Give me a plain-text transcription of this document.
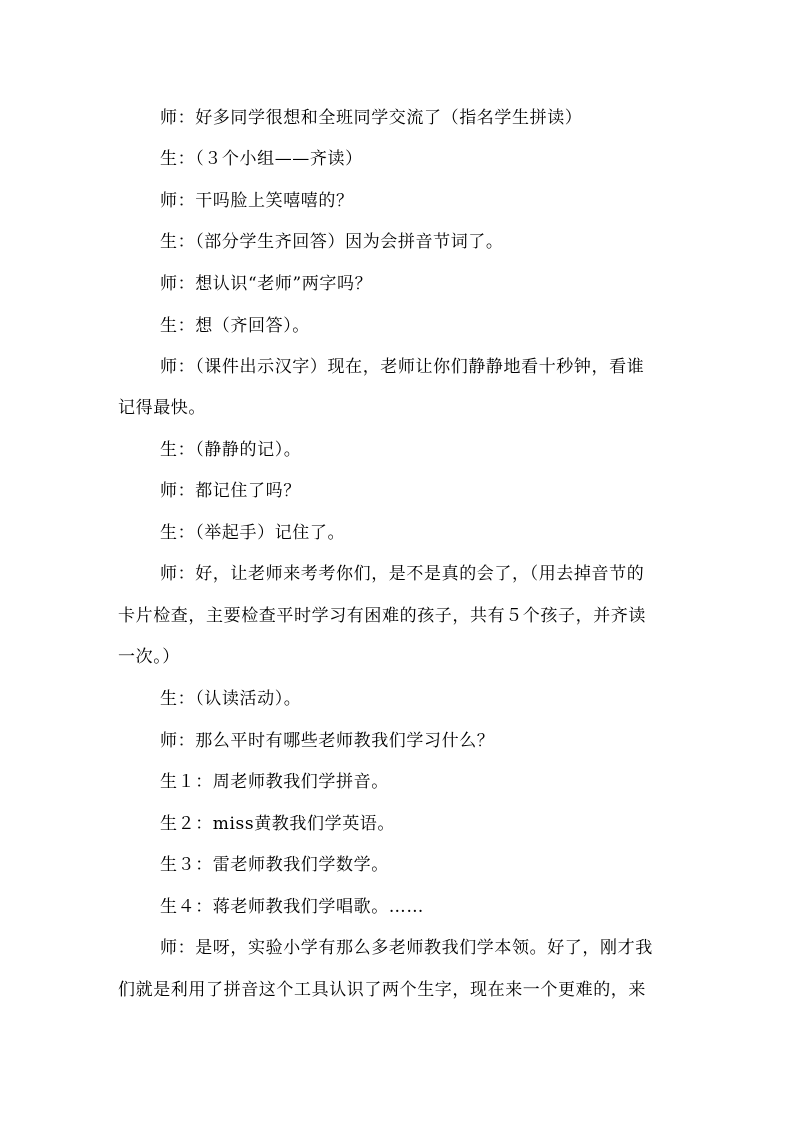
师：好多同学很想和全班同学交流了（指名学生拼读）
生：（３个小组——齐读）
师：干吗脸上笑嘻嘻的？
生：（部分学生齐回答）因为会拼音节词了。
师：想认识“老师”两字吗？
生：想（齐回答）。
师：（课件出示汉字）现在，老师让你们静静地看十秒钟，看谁
记得最快。
生：（静静的记）。
师：都记住了吗？
生：（举起手）记住了。
师：好，让老师来考考你们，是不是真的会了，（用去掉音节的
卡片检查，主要检查平时学习有困难的孩子，共有５个孩子，并齐读
一次。）
生：（认读活动）。
师：那么平时有哪些老师教我们学习什么？
生１：周老师教我们学拼音。
生２：miss黄教我们学英语。
生３：雷老师教我们学数学。
生４：蒋老师教我们学唱歌。……
师：是呀，实验小学有那么多老师教我们学本领。好了，刚才我
们就是利用了拼音这个工具认识了两个生字，现在来一个更难的，来
